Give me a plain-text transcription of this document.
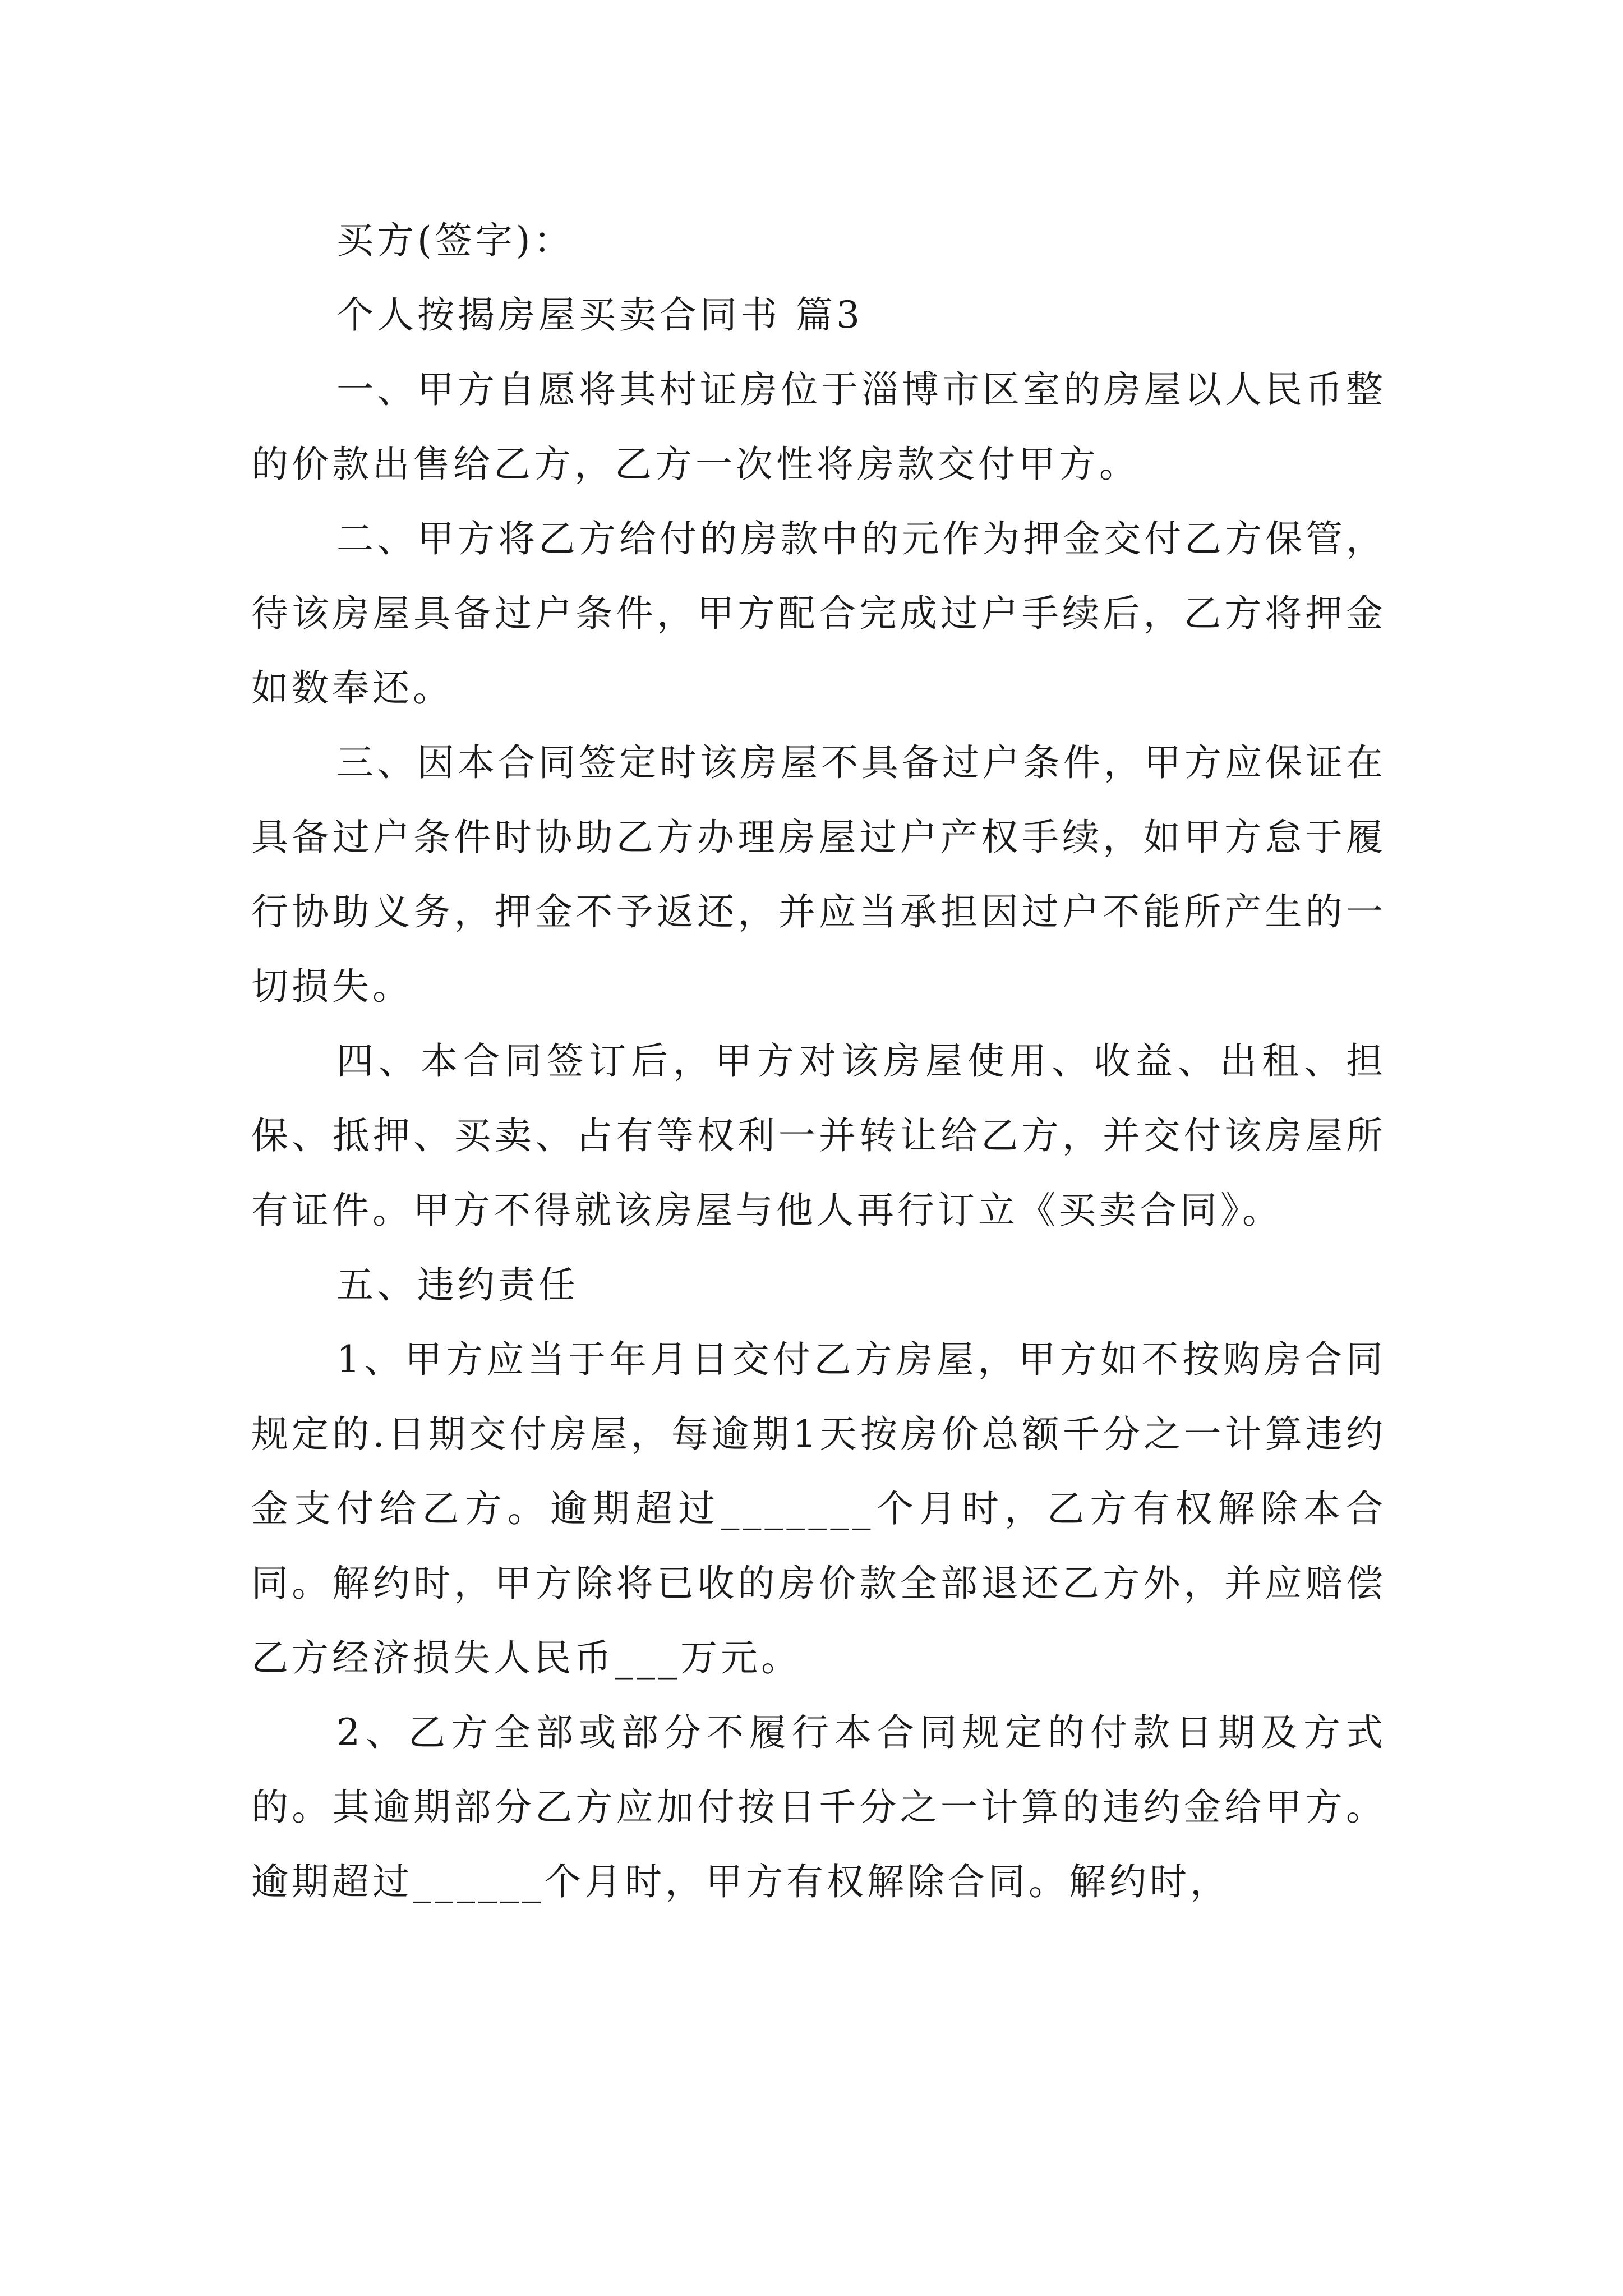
买方(签字)：

个人按揭房屋买卖合同书 篇3

一、甲方自愿将其村证房位于淄博市区室的房屋以人民币整的价款出售给乙方，乙方一次性将房款交付甲方。

二、甲方将乙方给付的房款中的元作为押金交付乙方保管，待该房屋具备过户条件，甲方配合完成过户手续后，乙方将押金如数奉还。

三、因本合同签定时该房屋不具备过户条件，甲方应保证在具备过户条件时协助乙方办理房屋过户产权手续，如甲方怠于履行协助义务，押金不予返还，并应当承担因过户不能所产生的一切损失。

四、本合同签订后，甲方对该房屋使用、收益、出租、担保、抵押、买卖、占有等权利一并转让给乙方，并交付该房屋所有证件。甲方不得就该房屋与他人再行订立《买卖合同》。

五、违约责任

1、甲方应当于年月日交付乙方房屋，甲方如不按购房合同规定的.日期交付房屋，每逾期1天按房价总额千分之一计算违约金支付给乙方。逾期超过_______个月时，乙方有权解除本合同。解约时，甲方除将已收的房价款全部退还乙方外，并应赔偿乙方经济损失人民币___万元。

2、乙方全部或部分不履行本合同规定的付款日期及方式的。其逾期部分乙方应加付按日千分之一计算的违约金给甲方。逾期超过______个月时，甲方有权解除合同。解约时，
